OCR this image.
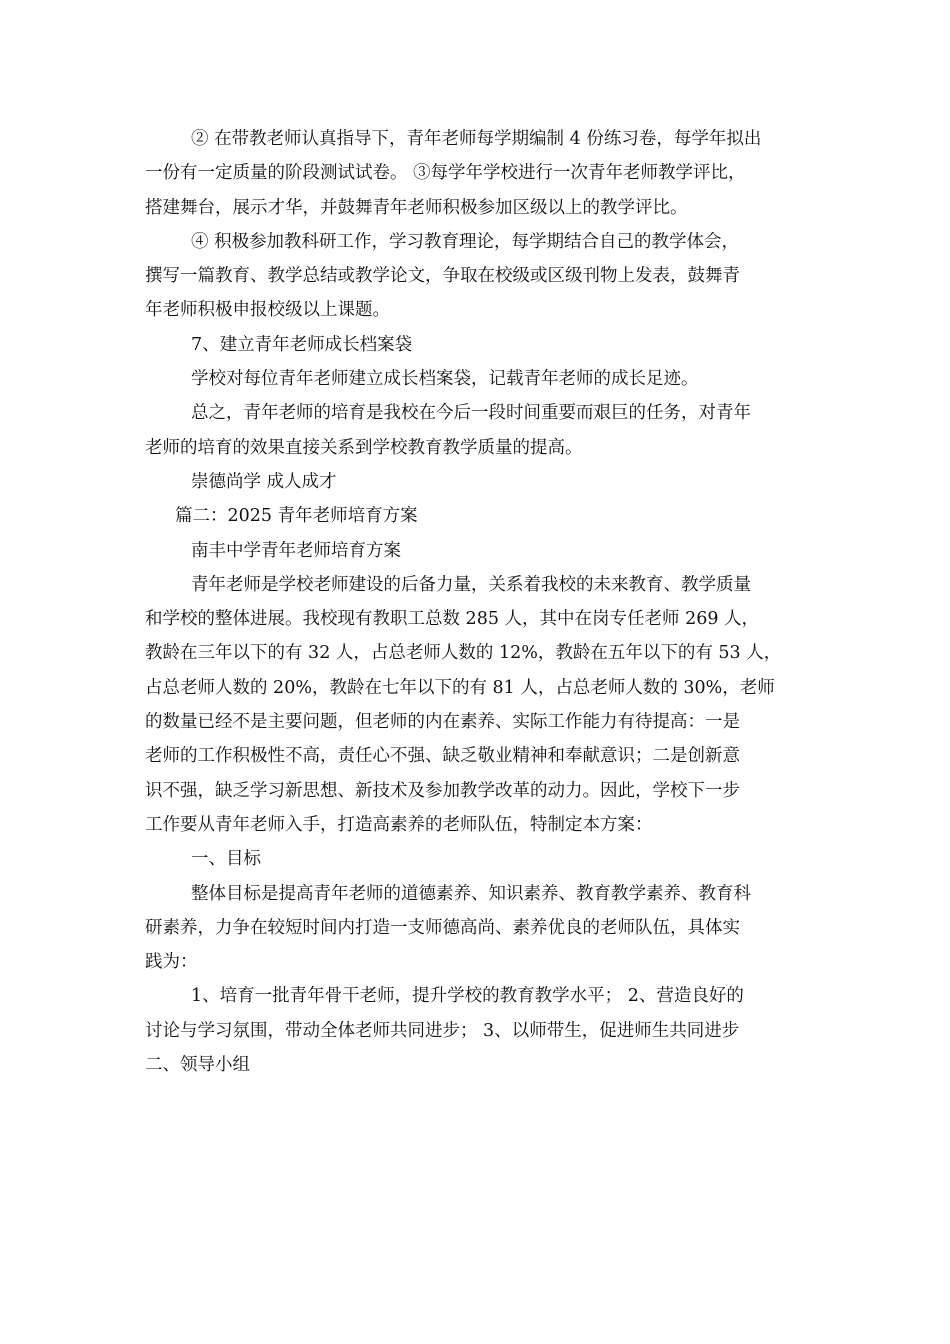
② 在带教老师认真指导下，青年老师每学期编制 4 份练习卷，每学年拟出
一份有一定质量的阶段测试试卷。 ③每学年学校进行一次青年老师教学评比，
搭建舞台，展示才华，并鼓舞青年老师积极参加区级以上的教学评比。
④ 积极参加教科研工作，学习教育理论，每学期结合自己的教学体会，
撰写一篇教育、教学总结或教学论文，争取在校级或区级刊物上发表，鼓舞青
年老师积极申报校级以上课题。
7、建立青年老师成长档案袋
学校对每位青年老师建立成长档案袋，记载青年老师的成长足迹。
总之，青年老师的培育是我校在今后一段时间重要而艰巨的任务，对青年
老师的培育的效果直接关系到学校教育教学质量的提高。
崇德尚学 成人成才
篇二：2025 青年老师培育方案
南丰中学青年老师培育方案
青年老师是学校老师建设的后备力量，关系着我校的未来教育、教学质量
和学校的整体进展。我校现有教职工总数 285 人，其中在岗专任老师 269 人，
教龄在三年以下的有 32 人，占总老师人数的 12%，教龄在五年以下的有 53 人，
占总老师人数的 20%，教龄在七年以下的有 81 人，占总老师人数的 30%，老师
的数量已经不是主要问题，但老师的内在素养、实际工作能力有待提高：一是
老师的工作积极性不高，责任心不强、缺乏敬业精神和奉献意识；二是创新意
识不强，缺乏学习新思想、新技术及参加教学改革的动力。因此，学校下一步
工作要从青年老师入手，打造高素养的老师队伍，特制定本方案：
一、目标
整体目标是提高青年老师的道德素养、知识素养、教育教学素养、教育科
研素养，力争在较短时间内打造一支师德高尚、素养优良的老师队伍，具体实
践为：
1、培育一批青年骨干老师，提升学校的教育教学水平； 2、营造良好的
讨论与学习氛围，带动全体老师共同进步； 3、以师带生，促进师生共同进步
二、领导小组
